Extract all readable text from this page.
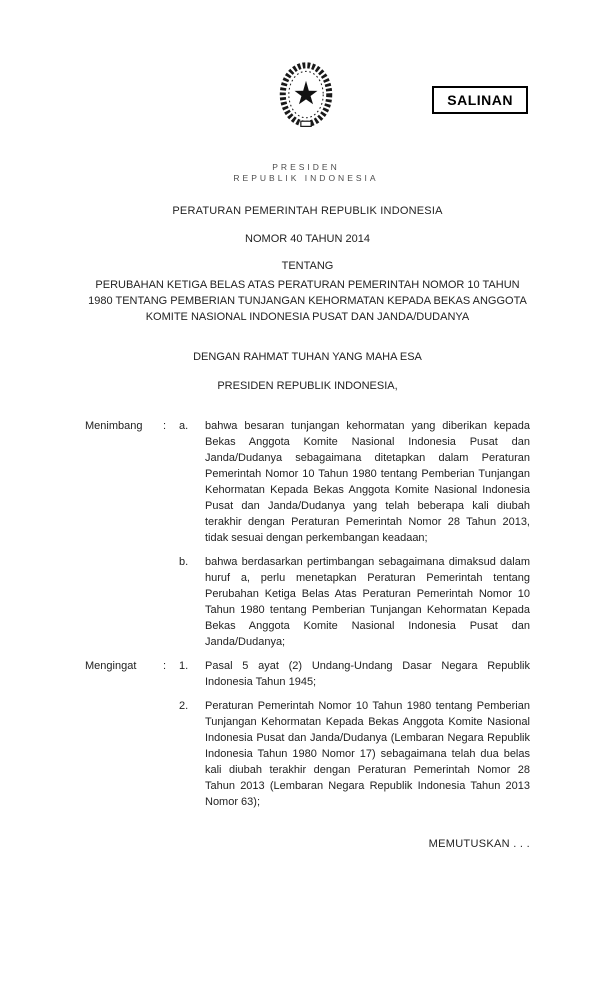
SALINAN
PRESIDEN
REPUBLIK INDONESIA
PERATURAN PEMERINTAH REPUBLIK INDONESIA
NOMOR 40 TAHUN 2014
TENTANG
PERUBAHAN KETIGA BELAS ATAS PERATURAN PEMERINTAH NOMOR 10 TAHUN 1980 TENTANG PEMBERIAN TUNJANGAN KEHORMATAN KEPADA BEKAS ANGGOTA KOMITE NASIONAL INDONESIA PUSAT DAN JANDA/DUDANYA
DENGAN RAHMAT TUHAN YANG MAHA ESA
PRESIDEN REPUBLIK INDONESIA,
Menimbang	:	a.	bahwa besaran tunjangan kehormatan yang diberikan kepada Bekas Anggota Komite Nasional Indonesia Pusat dan Janda/Dudanya sebagaimana ditetapkan dalam Peraturan Pemerintah Nomor 10 Tahun 1980 tentang Pemberian Tunjangan Kehormatan Kepada Bekas Anggota Komite Nasional Indonesia Pusat dan Janda/Dudanya yang telah beberapa kali diubah terakhir dengan Peraturan Pemerintah Nomor 28 Tahun 2013, tidak sesuai dengan perkembangan keadaan;
b.	bahwa berdasarkan pertimbangan sebagaimana dimaksud dalam huruf a, perlu menetapkan Peraturan Pemerintah tentang Perubahan Ketiga Belas Atas Peraturan Pemerintah Nomor 10 Tahun 1980 tentang Pemberian Tunjangan Kehormatan Kepada Bekas Anggota Komite Nasional Indonesia Pusat dan Janda/Dudanya;
Mengingat	:	1.	Pasal 5 ayat (2) Undang-Undang Dasar Negara Republik Indonesia Tahun 1945;
2.	Peraturan Pemerintah Nomor 10 Tahun 1980 tentang Pemberian Tunjangan Kehormatan Kepada Bekas Anggota Komite Nasional Indonesia Pusat dan Janda/Dudanya (Lembaran Negara Republik Indonesia Tahun 1980 Nomor 17) sebagaimana telah dua belas kali diubah terakhir dengan Peraturan Pemerintah Nomor 28 Tahun 2013 (Lembaran Negara Republik Indonesia Tahun 2013 Nomor 63);
MEMUTUSKAN . . .
